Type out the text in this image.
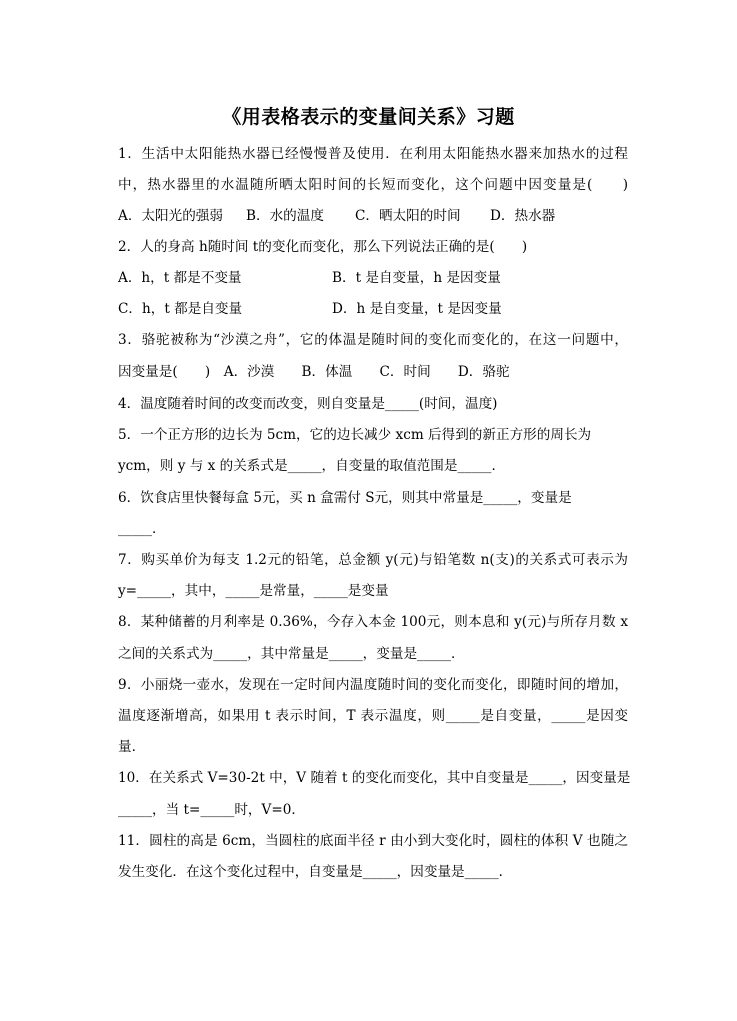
《用表格表示的变量间关系》习题
1．生活中太阳能热水器已经慢慢普及使用．在利用太阳能热水器来加热水的过程
中，热水器里的水温随所晒太阳时间的长短而变化，这个问题中因变量是(　　)
A．太阳光的强弱 B．水的温度 C．晒太阳的时间 D．热水器
2．人的身高 h随时间 t的变化而变化，那么下列说法正确的是(　　)
A．h，t 都是不变量	B．t 是自变量，h 是因变量
C．h，t 都是自变量	D．h 是自变量，t 是因变量
3．骆驼被称为“沙漠之舟”，它的体温是随时间的变化而变化的，在这一问题中，
因变量是(　　)　A．沙漠　　B．体温　　C．时间　　D．骆驼
4．温度随着时间的改变而改变，则自变量是_____(时间，温度)
5．一个正方形的边长为 5cm，它的边长减少 xcm 后得到的新正方形的周长为
ycm，则 y 与 x 的关系式是_____，自变量的取值范围是_____．
6．饮食店里快餐每盒 5元，买 n 盒需付 S元，则其中常量是_____，变量是
_____．
7．购买单价为每支 1.2元的铅笔，总金额 y(元)与铅笔数 n(支)的关系式可表示为
y=_____，其中，_____是常量，_____是变量
8．某种储蓄的月利率是 0.36%，今存入本金 100元，则本息和 y(元)与所存月数 x
之间的关系式为_____，其中常量是_____，变量是_____．
9．小丽烧一壶水，发现在一定时间内温度随时间的变化而变化，即随时间的增加，
温度逐渐增高，如果用 t 表示时间，T 表示温度，则_____是自变量，_____是因变
量．
10．在关系式 V=30-2t 中，V 随着 t 的变化而变化，其中自变量是_____，因变量是
_____，当 t=_____时，V=0．
11．圆柱的高是 6cm，当圆柱的底面半径 r 由小到大变化时，圆柱的体积 V 也随之
发生变化．在这个变化过程中，自变量是_____，因变量是_____．
